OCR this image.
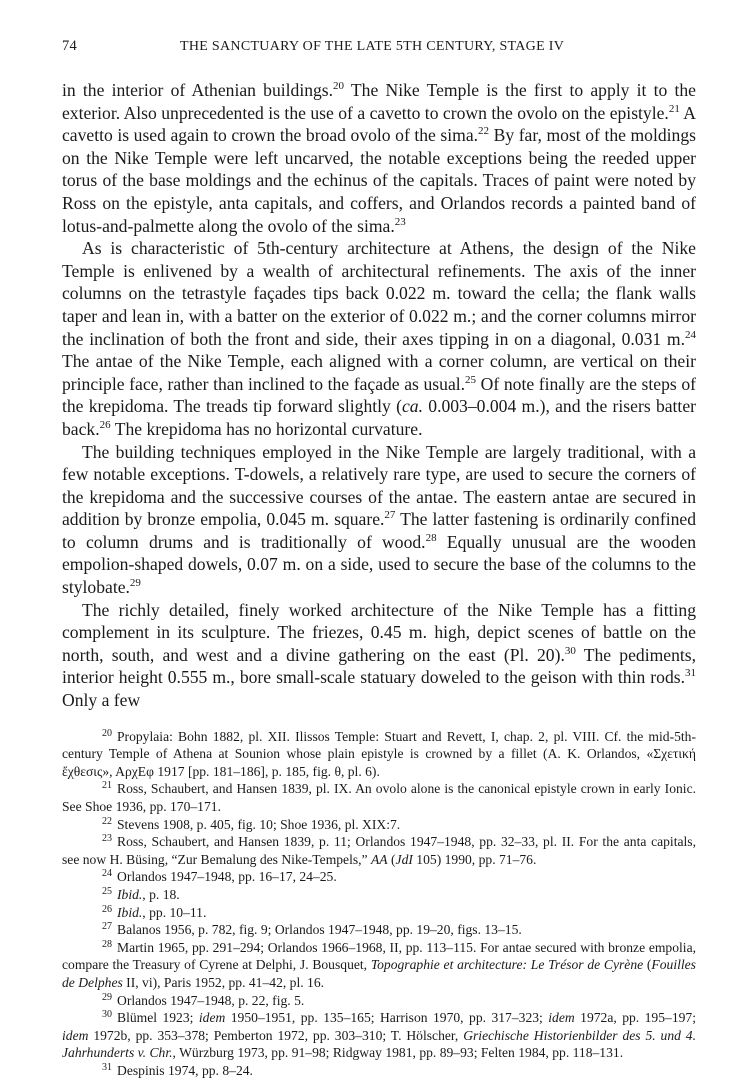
74	THE SANCTUARY OF THE LATE 5TH CENTURY, STAGE IV

in the interior of Athenian buildings.$^{20}$ The Nike Temple is the first to apply it to the exterior. Also unprecedented is the use of a cavetto to crown the ovolo on the epistyle.$^{21}$ A cavetto is used again to crown the broad ovolo of the sima.$^{22}$ By far, most of the moldings on the Nike Temple were left uncarved, the notable exceptions being the reeded upper torus of the base moldings and the echinus of the capitals. Traces of paint were noted by Ross on the epistyle, anta capitals, and coffers, and Orlandos records a painted band of lotus-and-palmette along the ovolo of the sima.$^{23}$

As is characteristic of 5th-century architecture at Athens, the design of the Nike Temple is enlivened by a wealth of architectural refinements. The axis of the inner columns on the tetrastyle façades tips back 0.022 m. toward the cella; the flank walls taper and lean in, with a batter on the exterior of 0.022 m.; and the corner columns mirror the inclination of both the front and side, their axes tipping in on a diagonal, 0.031 m.$^{24}$ The antae of the Nike Temple, each aligned with a corner column, are vertical on their principle face, rather than inclined to the façade as usual.$^{25}$ Of note finally are the steps of the krepidoma. The treads tip forward slightly (ca. 0.003–0.004 m.), and the risers batter back.$^{26}$ The krepidoma has no horizontal curvature.

The building techniques employed in the Nike Temple are largely traditional, with a few notable exceptions. T-dowels, a relatively rare type, are used to secure the corners of the krepidoma and the successive courses of the antae. The eastern antae are secured in addition by bronze empolia, 0.045 m. square.$^{27}$ The latter fastening is ordinarily confined to column drums and is traditionally of wood.$^{28}$ Equally unusual are the wooden empolion-shaped dowels, 0.07 m. on a side, used to secure the base of the columns to the stylobate.$^{29}$

The richly detailed, finely worked architecture of the Nike Temple has a fitting complement in its sculpture. The friezes, 0.45 m. high, depict scenes of battle on the north, south, and west and a divine gathering on the east (Pl. 20).$^{30}$ The pediments, interior height 0.555 m., bore small-scale statuary doweled to the geison with thin rods.$^{31}$ Only a few

20 Propylaia: Bohn 1882, pl. XII. Ilissos Temple: Stuart and Revett, I, chap. 2, pl. VIII. Cf. the mid-5th-century Temple of Athena at Sounion whose plain epistyle is crowned by a fillet (A. K. Orlandos, «Σχετική ἔχθεσις», ΑρχΕφ 1917 [pp. 181–186], p. 185, fig. θ, pl. 6).

21 Ross, Schaubert, and Hansen 1839, pl. IX. An ovolo alone is the canonical epistyle crown in early Ionic. See Shoe 1936, pp. 170–171.

22 Stevens 1908, p. 405, fig. 10; Shoe 1936, pl. XIX:7.

23 Ross, Schaubert, and Hansen 1839, p. 11; Orlandos 1947–1948, pp. 32–33, pl. II. For the anta capitals, see now H. Büsing, “Zur Bemalung des Nike-Tempels,” AA (JdI 105) 1990, pp. 71–76.

24 Orlandos 1947–1948, pp. 16–17, 24–25.

25 Ibid., p. 18.

26 Ibid., pp. 10–11.

27 Balanos 1956, p. 782, fig. 9; Orlandos 1947–1948, pp. 19–20, figs. 13–15.

28 Martin 1965, pp. 291–294; Orlandos 1966–1968, II, pp. 113–115. For antae secured with bronze empolia, compare the Treasury of Cyrene at Delphi, J. Bousquet, Topographie et architecture: Le Trésor de Cyrène (Fouilles de Delphes II, vi), Paris 1952, pp. 41–42, pl. 16.

29 Orlandos 1947–1948, p. 22, fig. 5.

30 Blümel 1923; idem 1950–1951, pp. 135–165; Harrison 1970, pp. 317–323; idem 1972a, pp. 195–197; idem 1972b, pp. 353–378; Pemberton 1972, pp. 303–310; T. Hölscher, Griechische Historienbilder des 5. und 4. Jahrhunderts v. Chr., Würzburg 1973, pp. 91–98; Ridgway 1981, pp. 89–93; Felten 1984, pp. 118–131.

31 Despinis 1974, pp. 8–24.
